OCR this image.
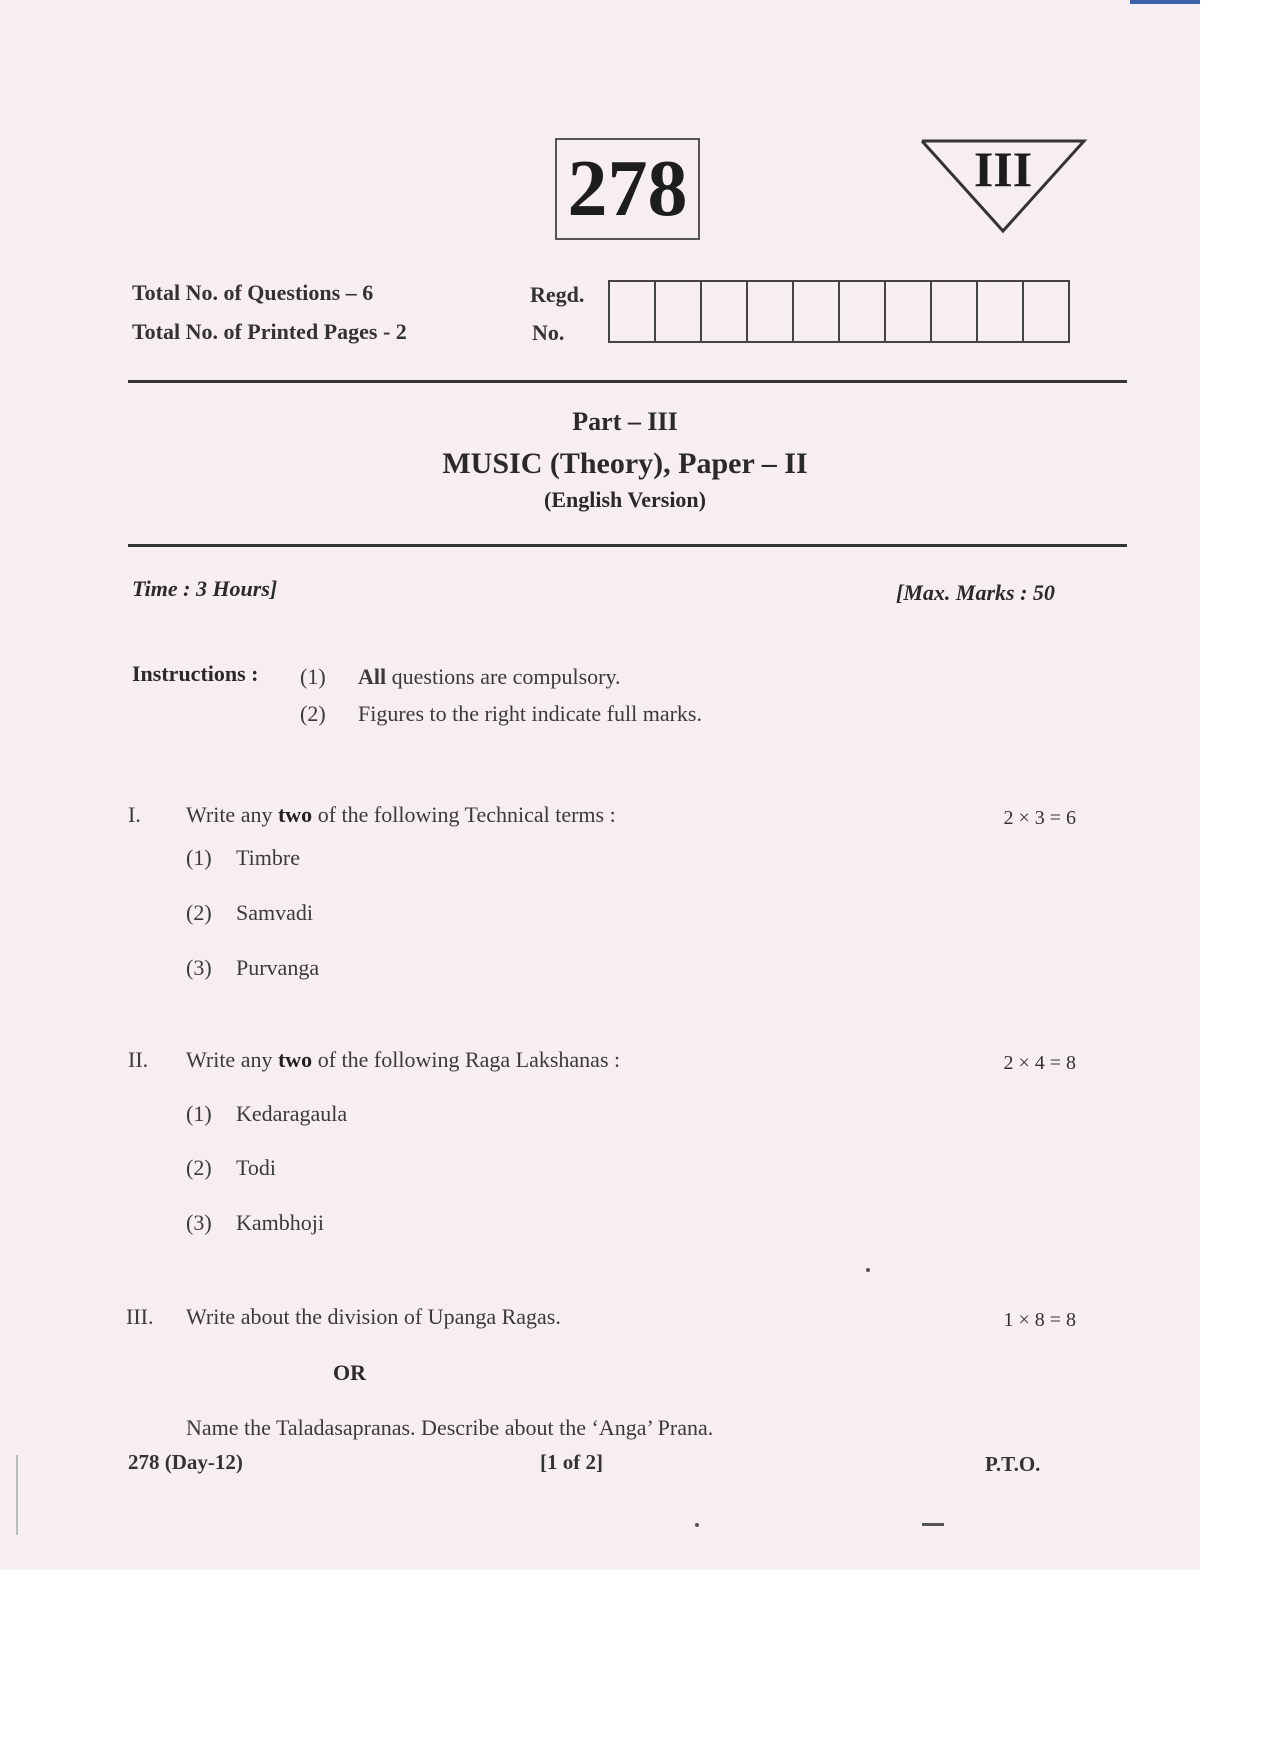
278	III
Total No. of Questions – 6
Total No. of Printed Pages - 2
Regd.
No.
Part – III
MUSIC (Theory), Paper – II
(English Version)
Time : 3 Hours]	[Max. Marks : 50
Instructions : (1) All questions are compulsory.
(2) Figures to the right indicate full marks.
I. Write any two of the following Technical terms :	2 × 3 = 6
(1) Timbre
(2) Samvadi
(3) Purvanga
II. Write any two of the following Raga Lakshanas :	2 × 4 = 8
(1) Kedaragaula
(2) Todi
(3) Kambhoji
III. Write about the division of Upanga Ragas.	1 × 8 = 8
OR
Name the Taladasapranas. Describe about the ‘Anga’ Prana.
278 (Day-12)	[1 of 2]	P.T.O.
